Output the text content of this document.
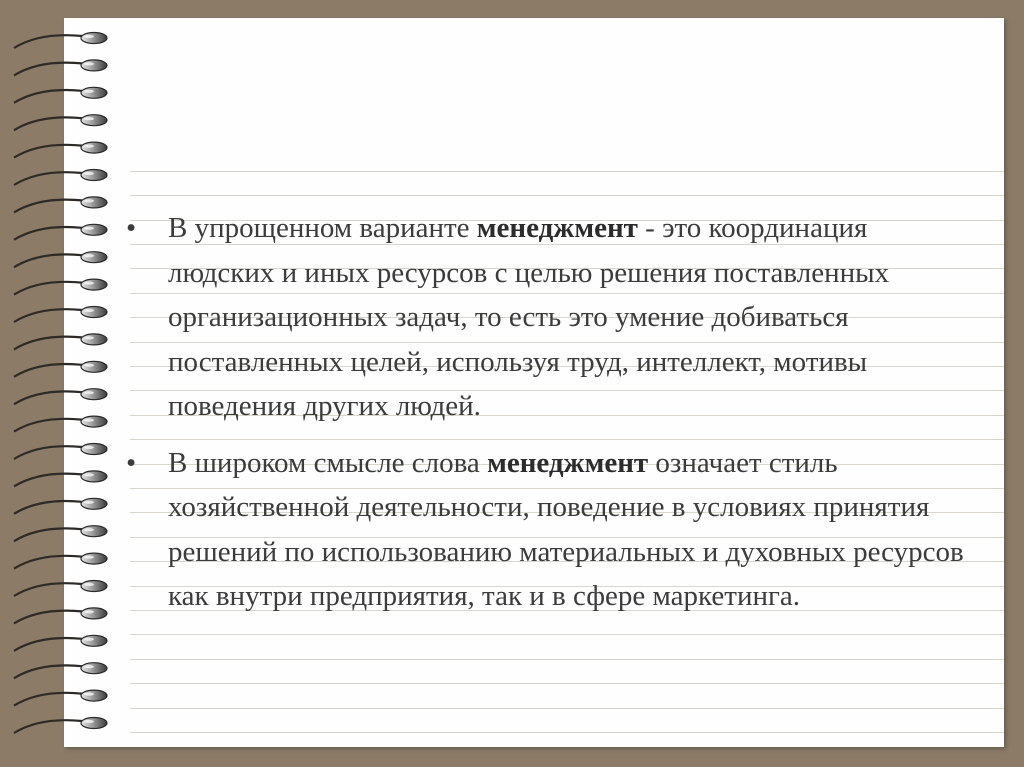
• В упрощенном варианте менеджмент - это координация людских и иных ресурсов с целью решения поставленных организационных задач, то есть это умение добиваться поставленных целей, используя труд, интеллект, мотивы поведения других людей.
• В широком смысле слова менеджмент означает стиль хозяйственной деятельности, поведение в условиях принятия решений по использованию материальных и духовных ресурсов как внутри предприятия, так и в сфере маркетинга.
